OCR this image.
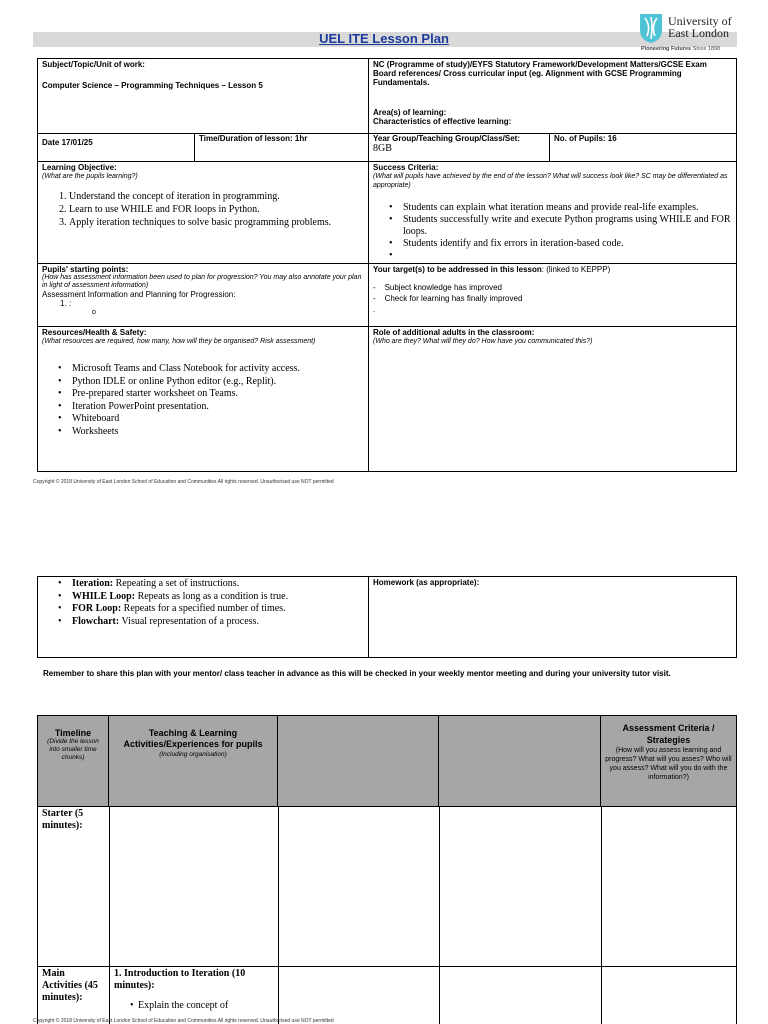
UEL ITE Lesson Plan
University of
East London
Pioneering Futures Since 1898
Subject/Topic/Unit of work:
Computer Science – Programming Techniques – Lesson 5
NC (Programme of study)/EYFS Statutory Framework/Development Matters/GCSE Exam Board references/ Cross curricular input (eg. Alignment with GCSE Programming Fundamentals.
Area(s) of learning:
Characteristics of effective learning:
Date 17/01/25	Time/Duration of lesson: 1hr	Year Group/Teaching Group/Class/Set:
8GB
No. of Pupils: 16
Learning Objective:
(What are the pupils learning?)
1. Understand the concept of iteration in programming.
2. Learn to use WHILE and FOR loops in Python.
3. Apply iteration techniques to solve basic programming problems.
Success Criteria:
(What will pupils have achieved by the end of the lesson? What will success look like? SC may be differentiated as appropriate)
• Students can explain what iteration means and provide real-life examples.
• Students successfully write and execute Python programs using WHILE and FOR loops.
• Students identify and fix errors in iteration-based code.
•
Pupils' starting points:
(How has assessment information been used to plan for progression? You may also annotate your plan in light of assessment information)
Assessment Information and Planning for Progression:
1. :
o
Your target(s) to be addressed in this lesson: (linked to KEPPP)
-    Subject knowledge has improved
-    Check for learning has finally improved
.
Resources/Health & Safety:
(What resources are required, how many, how will they be organised? Risk assessment)
• Microsoft Teams and Class Notebook for activity access.
• Python IDLE or online Python editor (e.g., Replit).
• Pre-prepared starter worksheet on Teams.
• Iteration PowerPoint presentation.
• Whiteboard
• Worksheets
Role of additional adults in the classroom:
(Who are they? What will they do? How have you communicated this?)
Copyright © 2018 University of East London School of Education and Communities All rights reserved. Unauthorised use NOT permitted
• Iteration: Repeating a set of instructions.
• WHILE Loop: Repeats as long as a condition is true.
• FOR Loop: Repeats for a specified number of times.
• Flowchart: Visual representation of a process.
Homework (as appropriate):
Remember to share this plan with your mentor/ class teacher in advance as this will be checked in your weekly mentor meeting and during your university tutor visit.
Timeline
(Divide the lesson into smaller time chunks)
Teaching & Learning Activities/Experiences for pupils
(Including organisation)
Assessment Criteria / Strategies
(How will you assess learning and progress? What will you asses? Who will you assess? What will you do with the information?)
Starter (5 minutes):
Main Activities (45 minutes):
1. Introduction to Iteration (10 minutes):
• Explain the concept of
Copyright © 2018 University of East London School of Education and Communities All rights reserved. Unauthorised use NOT permitted
